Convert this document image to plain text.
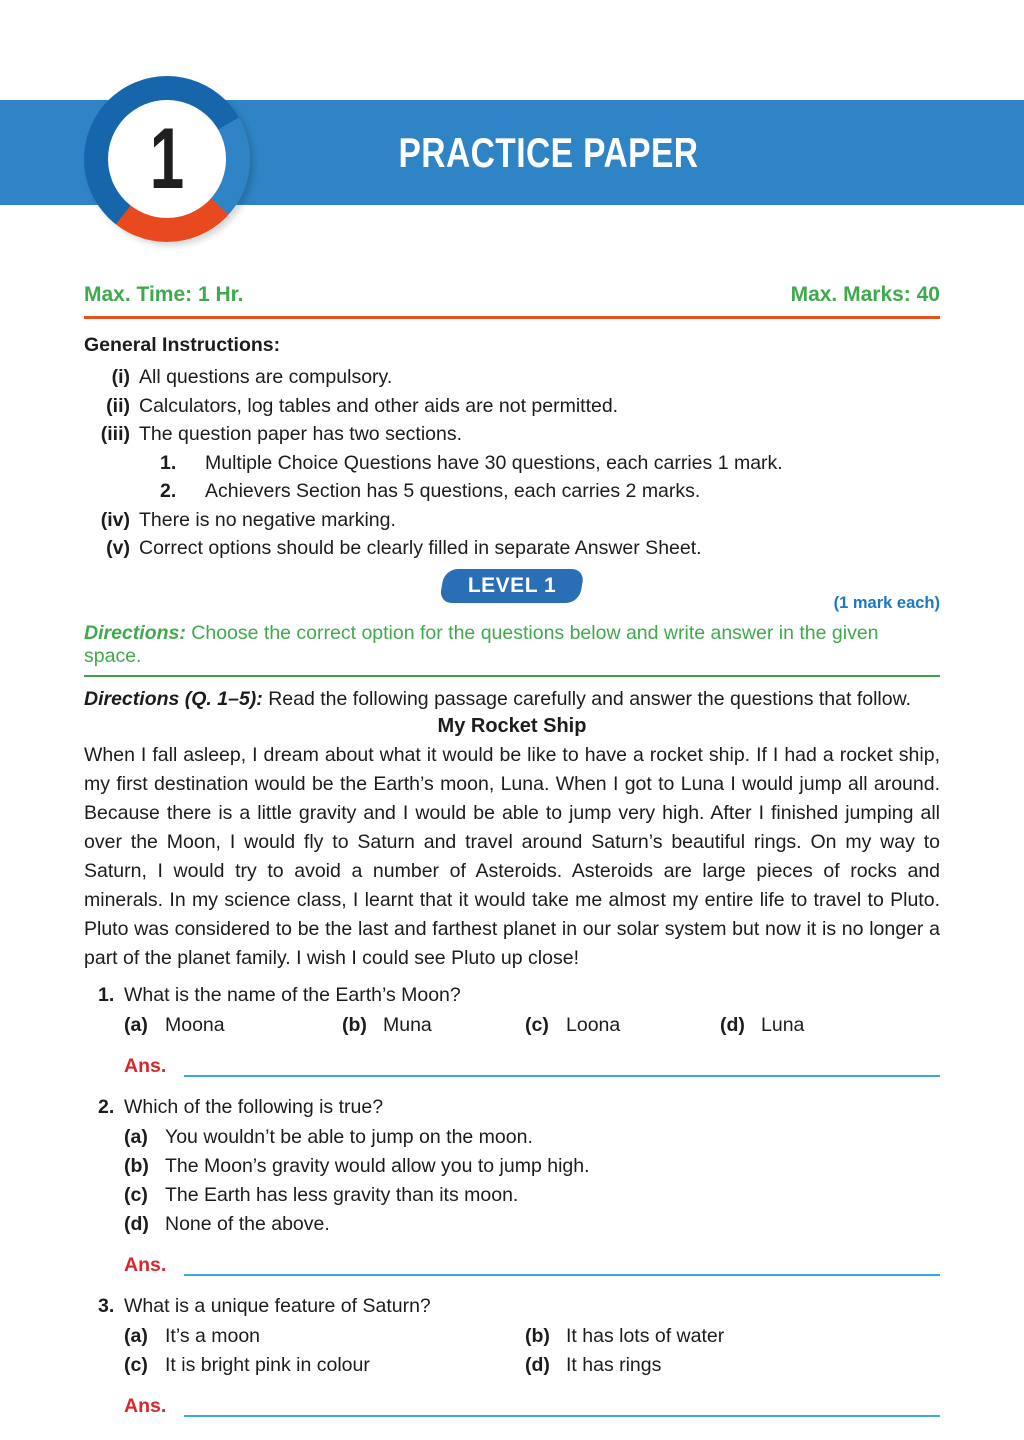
PRACTICE PAPER
1
Max. Time: 1 Hr.	Max. Marks: 40
General Instructions:
(i) All questions are compulsory.
(ii) Calculators, log tables and other aids are not permitted.
(iii) The question paper has two sections.
1.	Multiple Choice Questions have 30 questions, each carries 1 mark.
2.	Achievers Section has 5 questions, each carries 2 marks.
(iv) There is no negative marking.
(v) Correct options should be clearly filled in separate Answer Sheet.
LEVEL 1
(1 mark each)
Directions: Choose the correct option for the questions below and write answer in the given space.
Directions (Q. 1–5): Read the following passage carefully and answer the questions that follow.
My Rocket Ship
When I fall asleep, I dream about what it would be like to have a rocket ship. If I had a rocket ship, my first destination would be the Earth’s moon, Luna. When I got to Luna I would jump all around. Because there is a little gravity and I would be able to jump very high. After I finished jumping all over the Moon, I would fly to Saturn and travel around Saturn’s beautiful rings. On my way to Saturn, I would try to avoid a number of Asteroids. Asteroids are large pieces of rocks and minerals. In my science class, I learnt that it would take me almost my entire life to travel to Pluto. Pluto was considered to be the last and farthest planet in our solar system but now it is no longer a part of the planet family. I wish I could see Pluto up close!
1. What is the name of the Earth’s Moon?
(a) Moona	(b) Muna	(c) Loona	(d) Luna
Ans.
2. Which of the following is true?
(a) You wouldn’t be able to jump on the moon.
(b) The Moon’s gravity would allow you to jump high.
(c) The Earth has less gravity than its moon.
(d) None of the above.
Ans.
3. What is a unique feature of Saturn?
(a) It’s a moon	(b) It has lots of water
(c) It is bright pink in colour	(d) It has rings
Ans.
